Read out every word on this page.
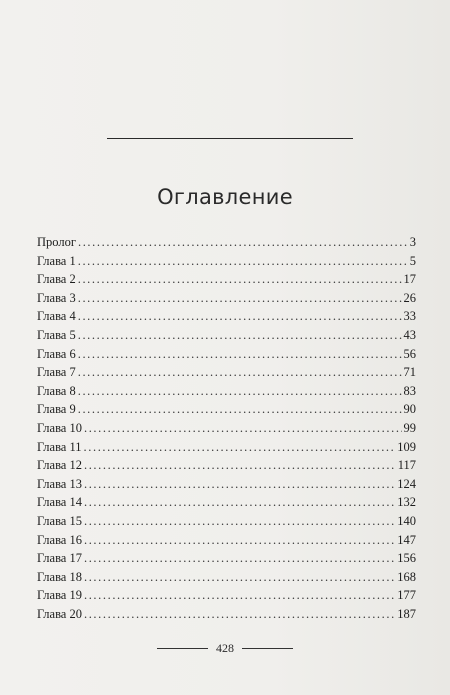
Оглавление
Пролог .....	3
Глава 1 .....	5
Глава 2 .....	17
Глава 3 .....	26
Глава 4 .....	33
Глава 5 .....	43
Глава 6 .....	56
Глава 7 .....	71
Глава 8 .....	83
Глава 9 .....	90
Глава 10 .....	99
Глава 11 .....	109
Глава 12 .....	117
Глава 13 .....	124
Глава 14 .....	132
Глава 15 .....	140
Глава 16 .....	147
Глава 17 .....	156
Глава 18 .....	168
Глава 19 .....	177
Глава 20 .....	187
428
